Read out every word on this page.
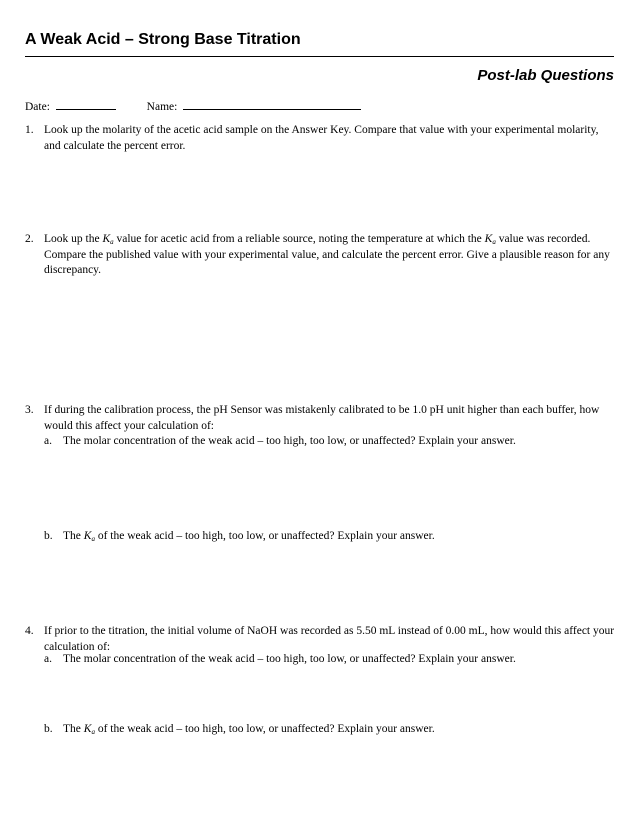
A Weak Acid – Strong Base Titration
Post-lab Questions
Date:	Name:
1. Look up the molarity of the acetic acid sample on the Answer Key. Compare that value with your experimental molarity, and calculate the percent error.
2. Look up the $K_a$ value for acetic acid from a reliable source, noting the temperature at which the $K_a$ value was recorded. Compare the published value with your experimental value, and calculate the percent error. Give a plausible reason for any discrepancy.
3. If during the calibration process, the pH Sensor was mistakenly calibrated to be 1.0 pH unit higher than each buffer, how would this affect your calculation of:
a. The molar concentration of the weak acid – too high, too low, or unaffected? Explain your answer.
b. The $K_a$ of the weak acid – too high, too low, or unaffected? Explain your answer.
4. If prior to the titration, the initial volume of NaOH was recorded as 5.50 mL instead of 0.00 mL, how would this affect your calculation of:
a. The molar concentration of the weak acid – too high, too low, or unaffected? Explain your answer.
b. The $K_a$ of the weak acid – too high, too low, or unaffected? Explain your answer.
